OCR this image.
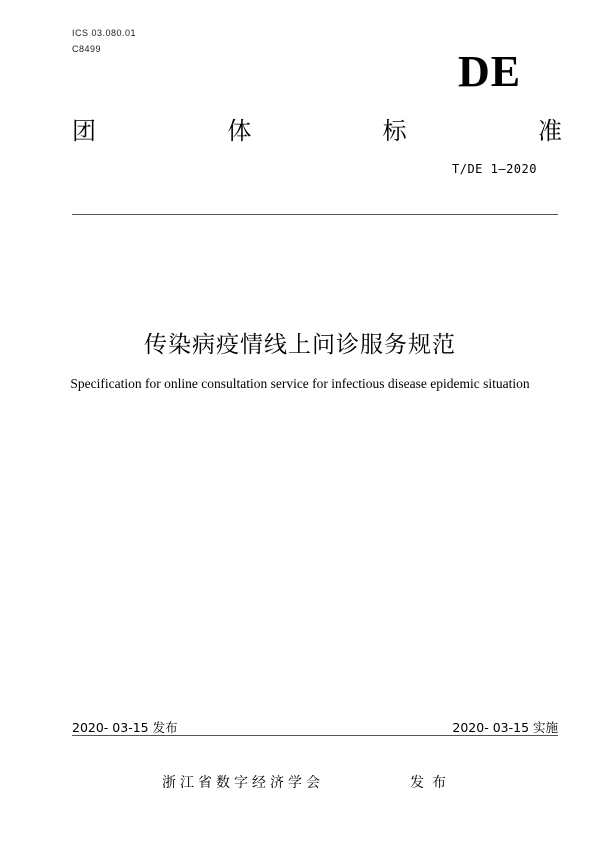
ICS 03.080.01
C8499	DE
团	体	标	准
T/DE 1—2020
传染病疫情线上问诊服务规范
Specification for online consultation service for infectious disease epidemic situation
2020- 03-15 发布	2020- 03-15 实施
浙江省数字经济学会	发布
